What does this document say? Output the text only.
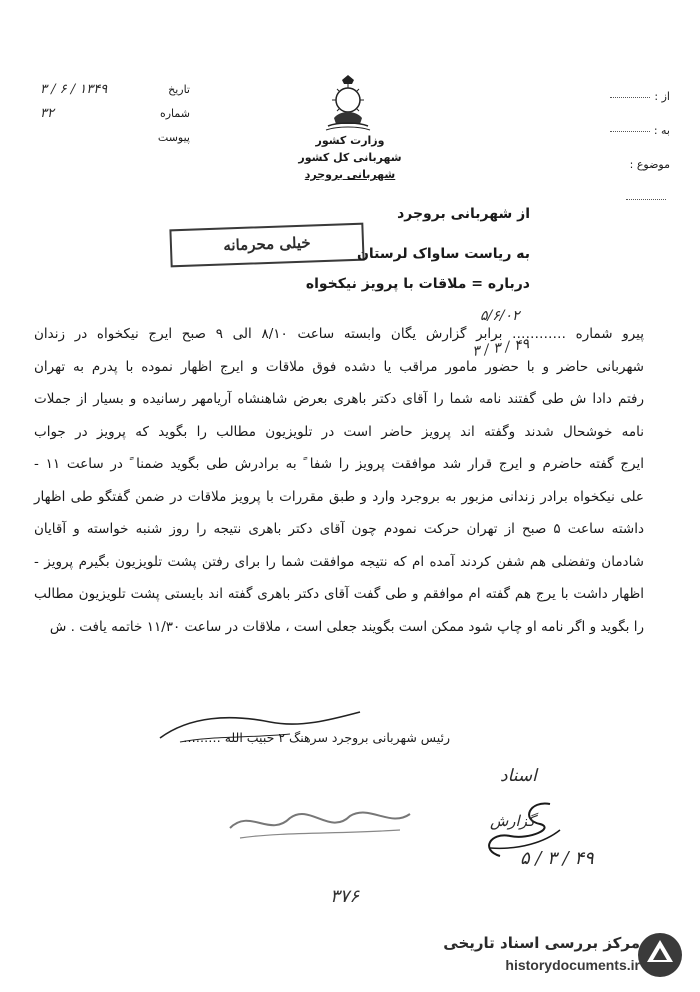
تاریخ
۱۳۴۹ / ۶ / ۳
شماره
۳۲
پیوست	وزارت کشور
شهربانی کل کشور
شهربانی بروجرد
از :
به :
موضوع :
از شهربانی بروجرد
خیلی محرمانه	به ریاست ساواک لرستان
درباره = ملاقات با پرویز نیکخواه
۵/۶/۰۲
۳ / ۳ / ۴۹
پیرو شماره ………… برابر گزارش یگان وابسته ساعت ۸/۱۰ الی ۹ صبح ایرج نیکخواه در زندان
شهربانی حاضر و با حضور مامور مراقب یا دشده فوق ملاقات و ایرج اظهار نموده با پدرم به تهران
رفتم دادا ش طی گفتند نامه شما را آقای دکتر باهری بعرض شاهنشاه آریامهر رسانیده و بسیار از جملات
نامه خوشحال شدند وگفته اند پرویز حاضر است در تلویزیون مطالب را بگوید که پرویز در جواب
ایرج گفته حاضرم و ایرج قرار شد موافقت پرویز را شفا ً به برادرش طی بگوید ضمنا ً در ساعت ۱۱ -
علی نیکخواه برادر زندانی مزبور به بروجرد وارد و طبق مقررات با پرویز ملاقات در ضمن گفتگو طی اظهار
داشته ساعت ۵ صبح از تهران حرکت نمودم چون آقای دکتر باهری نتیجه را روز شنبه خواسته و آقایان
شادمان وتفضلی هم شفن کردند آمده ام که نتیجه موافقت شما را برای رفتن پشت تلویزیون بگیرم پرویز -
اظهار داشت با یرج هم گفته ام موافقم و طی گفت آقای دکتر باهری گفته اند بایستی پشت تلویزیون مطالب
را بگوید و اگر نامه او چاپ شود ممکن است بگویند جعلی است ، ملاقات در ساعت ۱۱/۳۰ خاتمه یافت . ش
رئیس شهربانی بروجرد سرهنگ ۲ حبیب الله ………
اسناد
گزارش
۵ / ۳ / ۴۹
۳۷۶
مرکز بررسی اسناد تاریخی
historydocuments.ir
